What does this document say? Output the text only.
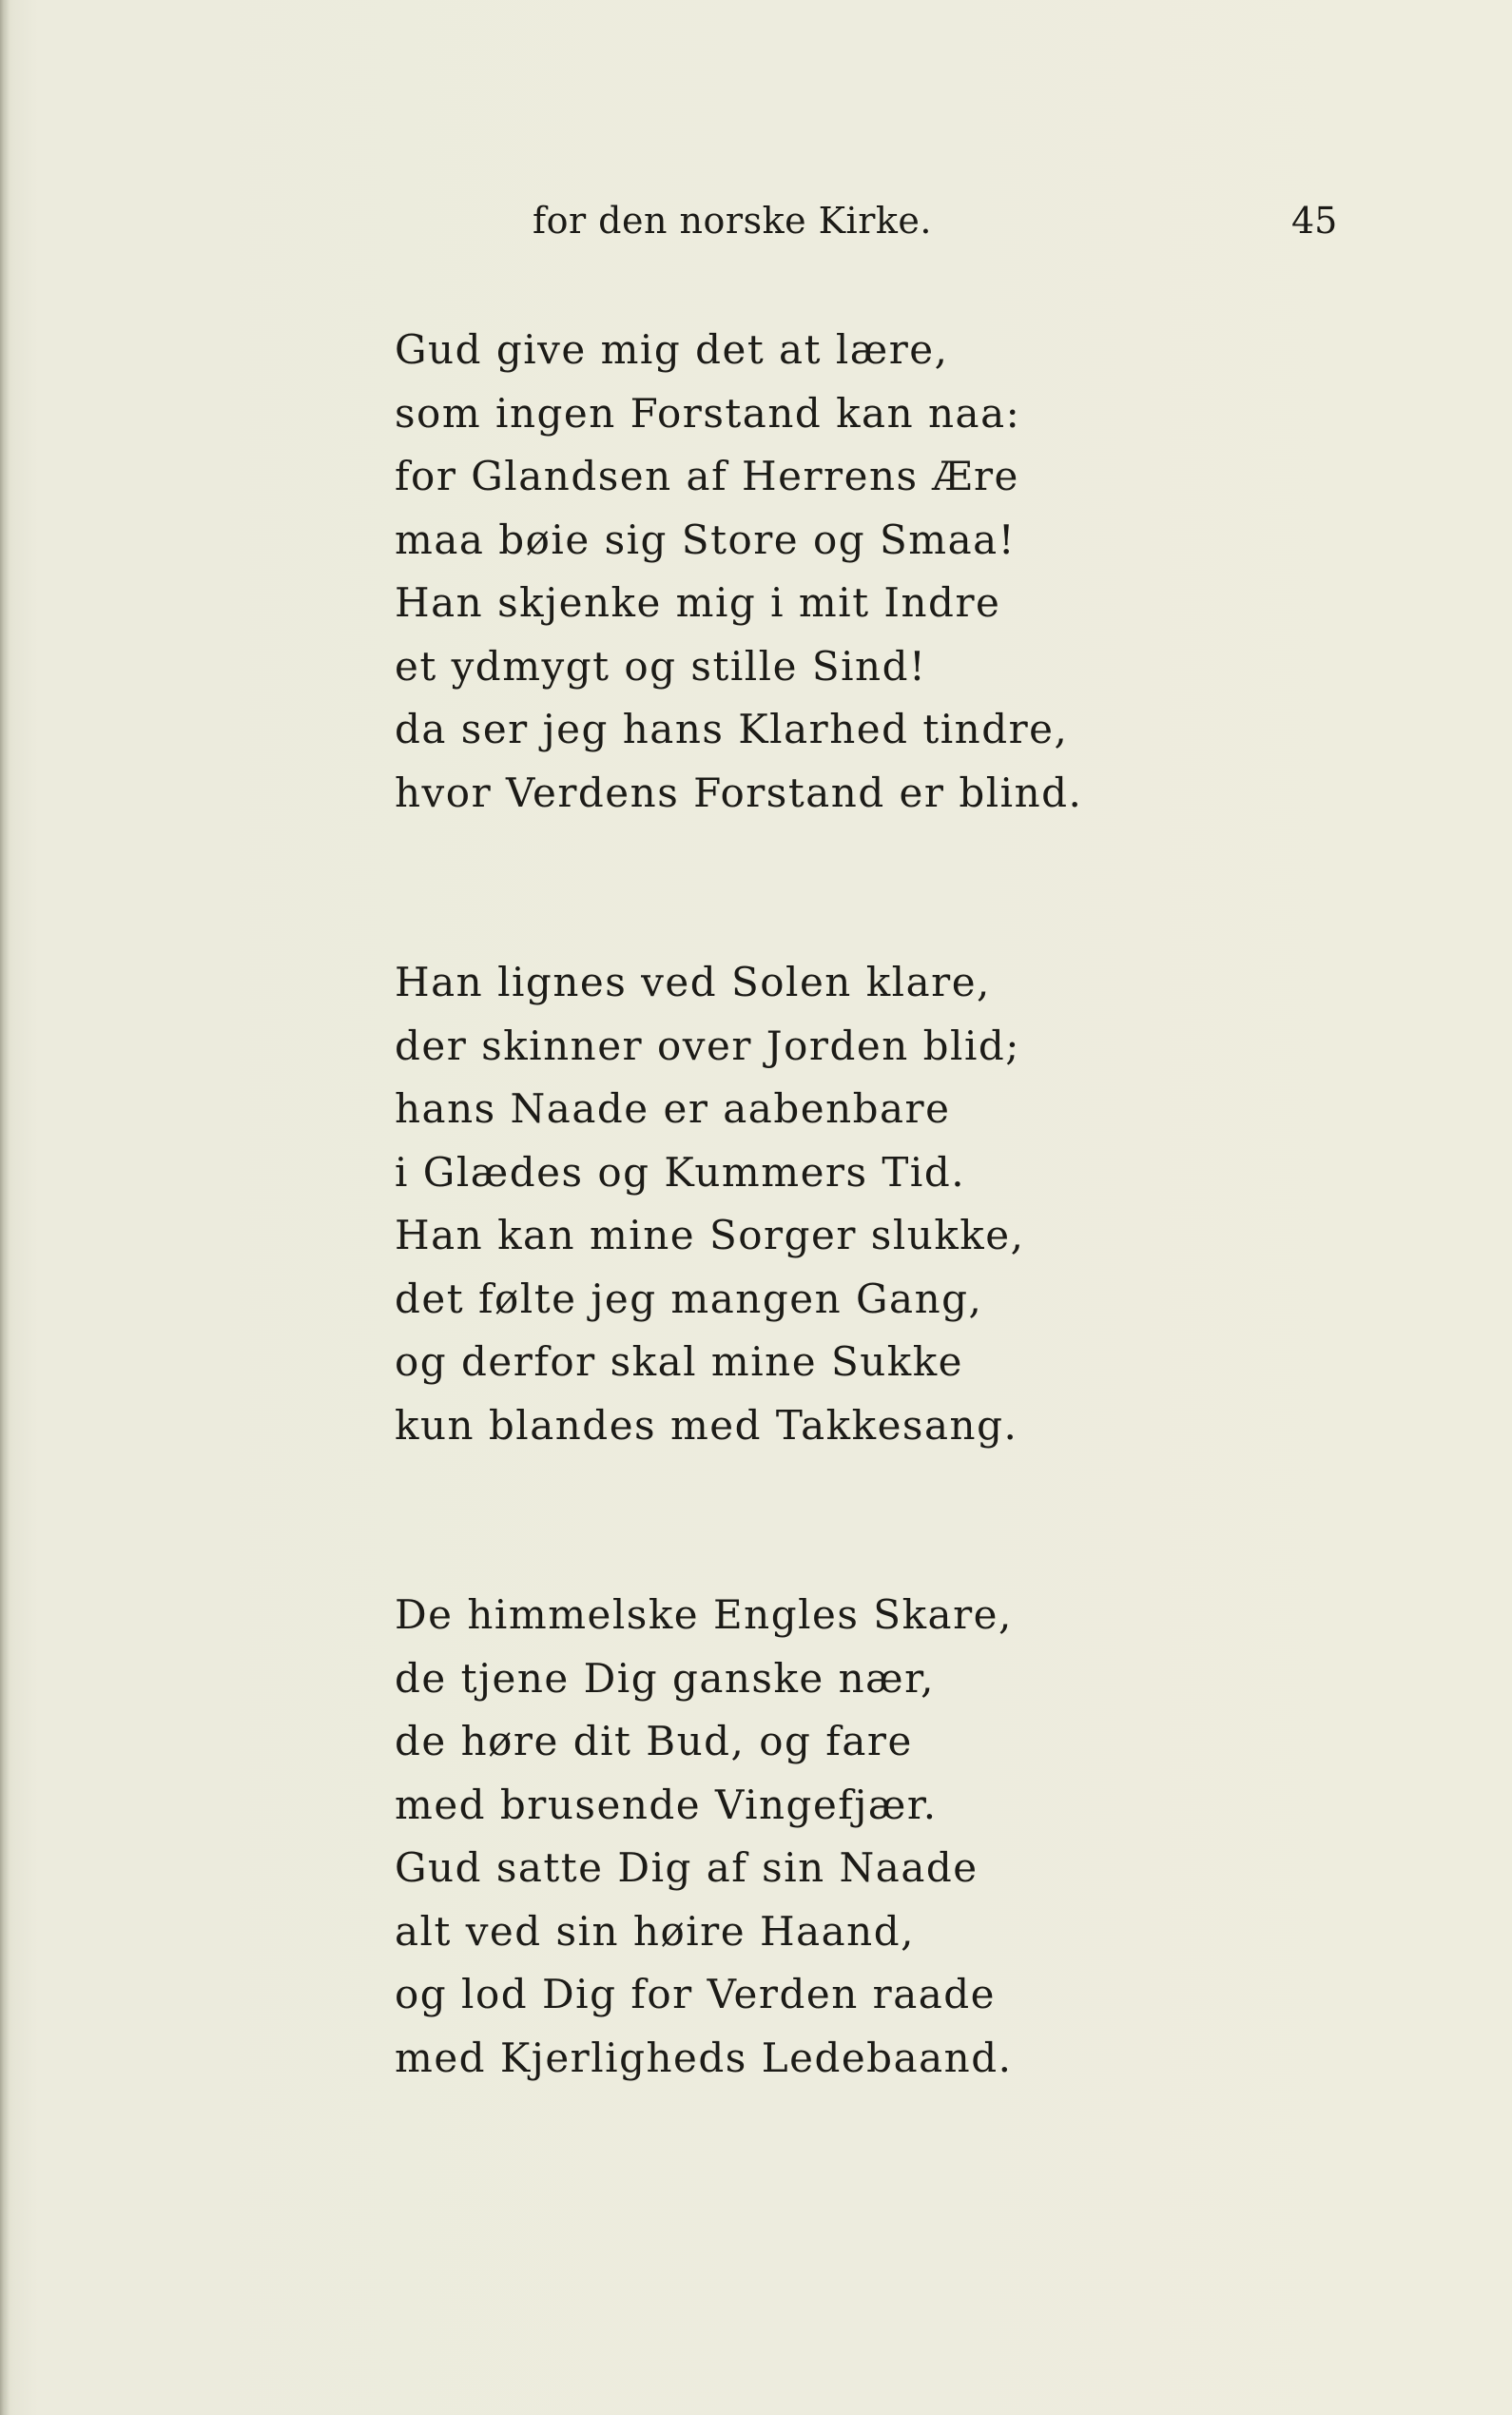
for den norske Kirke.	45
Gud give mig det at lære,
som ingen Forstand kan naa:
for Glandsen af Herrens Ære
maa bøie sig Store og Smaa!
Han skjenke mig i mit Indre
et ydmygt og stille Sind!
da ser jeg hans Klarhed tindre,
hvor Verdens Forstand er blind.
Han lignes ved Solen klare,
der skinner over Jorden blid;
hans Naade er aabenbare
i Glædes og Kummers Tid.
Han kan mine Sorger slukke,
det følte jeg mangen Gang,
og derfor skal mine Sukke
kun blandes med Takkesang.
De himmelske Engles Skare,
de tjene Dig ganske nær,
de høre dit Bud, og fare
med brusende Vingefjær.
Gud satte Dig af sin Naade
alt ved sin høire Haand,
og lod Dig for Verden raade
med Kjerligheds Ledebaand.
